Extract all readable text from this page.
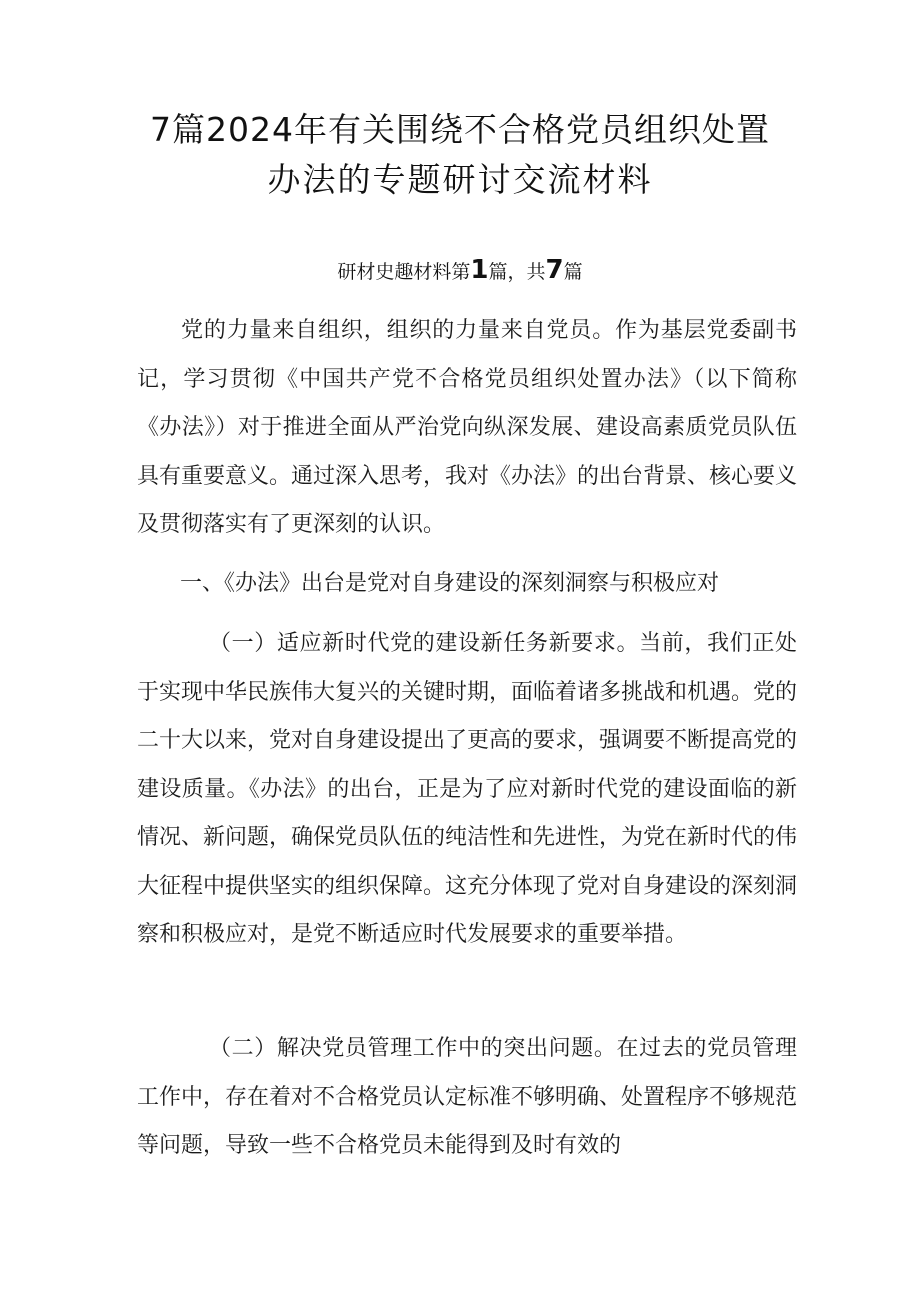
7篇2024年有关围绕不合格党员组织处置
办法的专题研讨交流材料

研材史趣材料第1篇，共7篇

党的力量来自组织，组织的力量来自党员。作为基层党委副书记，学习贯彻《中国共产党不合格党员组织处置办法》（以下简称《办法》）对于推进全面从严治党向纵深发展、建设高素质党员队伍具有重要意义。通过深入思考，我对《办法》的出台背景、核心要义及贯彻落实有了更深刻的认识。

一、《办法》出台是党对自身建设的深刻洞察与积极应对

（一）适应新时代党的建设新任务新要求。当前，我们正处于实现中华民族伟大复兴的关键时期，面临着诸多挑战和机遇。党的二十大以来，党对自身建设提出了更高的要求，强调要不断提高党的建设质量。《办法》的出台，正是为了应对新时代党的建设面临的新情况、新问题，确保党员队伍的纯洁性和先进性，为党在新时代的伟大征程中提供坚实的组织保障。这充分体现了党对自身建设的深刻洞察和积极应对，是党不断适应时代发展要求的重要举措。

（二）解决党员管理工作中的突出问题。在过去的党员管理工作中，存在着对不合格党员认定标准不够明确、处置程序不够规范等问题，导致一些不合格党员未能得到及时有效的
